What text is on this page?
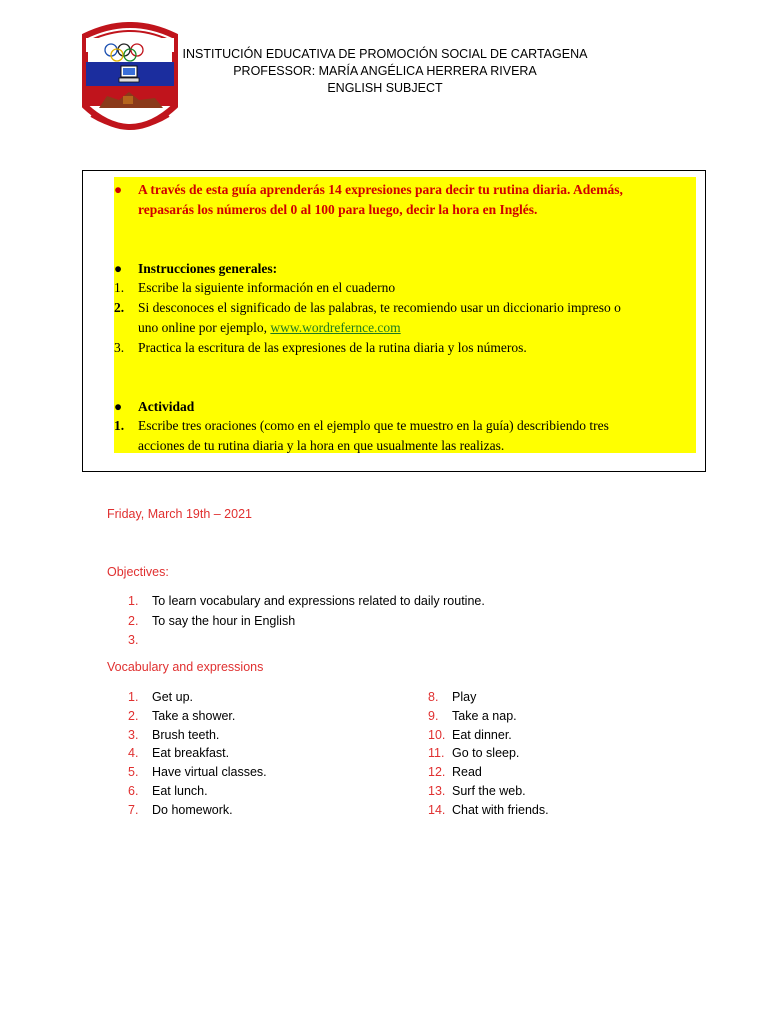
INSTITUCIÓN EDUCATIVA DE PROMOCIÓN SOCIAL DE CARTAGENA
PROFESSOR: MARÍA ANGÉLICA HERRERA RIVERA
ENGLISH SUBJECT
●	A través de esta guía aprenderás 14 expresiones para decir tu rutina diaria. Además,
repasarás los números del 0 al 100 para luego, decir la hora en Inglés.
●	Instrucciones generales:
1.	Escribe la siguiente información en el cuaderno
2.	Si desconoces el significado de las palabras, te recomiendo usar un diccionario impreso o
uno online por ejemplo, www.wordrefernce.com
3.	Practica la escritura de las expresiones de la rutina diaria y los números.
●	Actividad
1.	Escribe tres oraciones (como en el ejemplo que te muestro en la guía) describiendo tres
acciones de tu rutina diaria y la hora en que usualmente las realizas.
Friday, March 19th – 2021
Objectives:
1. To learn vocabulary and expressions related to daily routine.
2. To say the hour in English
3.
Vocabulary and expressions
1. Get up.
2. Take a shower.
3. Brush teeth.
4. Eat breakfast.
5. Have virtual classes.
6. Eat lunch.
7. Do homework.
8. Play
9. Take a nap.
10. Eat dinner.
11. Go to sleep.
12. Read
13. Surf the web.
14. Chat with friends.
